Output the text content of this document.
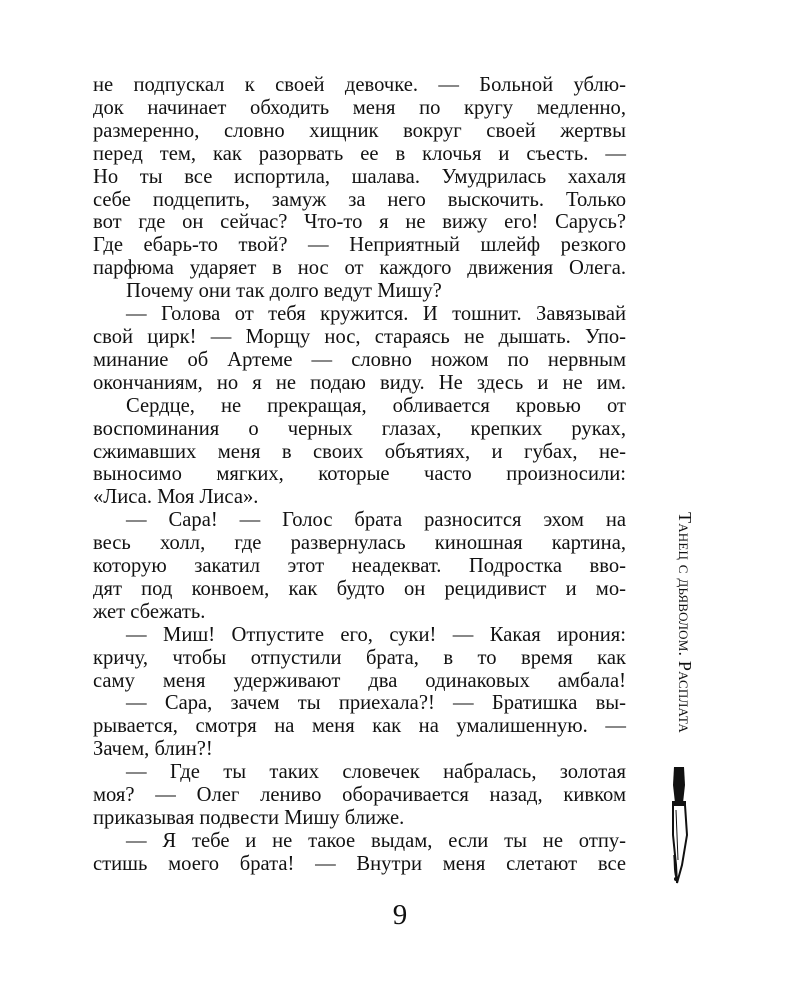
не подпускал к своей девочке. — Больной ублю-
док начинает обходить меня по кругу медленно,
размеренно, словно хищник вокруг своей жертвы
перед тем, как разорвать ее в клочья и съесть. —
Но ты все испортила, шалава. Умудрилась хахаля
себе подцепить, замуж за него выскочить. Только
вот где он сейчас? Что-то я не вижу его! Сарусь?
Где ебарь-то твой? — Неприятный шлейф резкого
парфюма ударяет в нос от каждого движения Олега.
Почему они так долго ведут Мишу?
— Голова от тебя кружится. И тошнит. Завязывай
свой цирк! — Морщу нос, стараясь не дышать. Упо-
минание об Артеме — словно ножом по нервным
окончаниям, но я не подаю виду. Не здесь и не им.
Сердце, не прекращая, обливается кровью от
воспоминания о черных глазах, крепких руках,
сжимавших меня в своих объятиях, и губах, не-
выносимо мягких, которые часто произносили:
«Лиса. Моя Лиса».
— Сара! — Голос брата разносится эхом на
весь холл, где развернулась киношная картина,
которую закатил этот неадекват. Подростка вво-
дят под конвоем, как будто он рецидивист и мо-
жет сбежать.
— Миш! Отпустите его, суки! — Какая ирония:
кричу, чтобы отпустили брата, в то время как
саму меня удерживают два одинаковых амбала!
— Сара, зачем ты приехала?! — Братишка вы-
рывается, смотря на меня как на умалишенную. —
Зачем, блин?!
— Где ты таких словечек набралась, золотая
моя? — Олег лениво оборачивается назад, кивком
приказывая подвести Мишу ближе.
— Я тебе и не такое выдам, если ты не отпу-
стишь моего брата! — Внутри меня слетают все
Танец с дьяволом. Расплата
9
